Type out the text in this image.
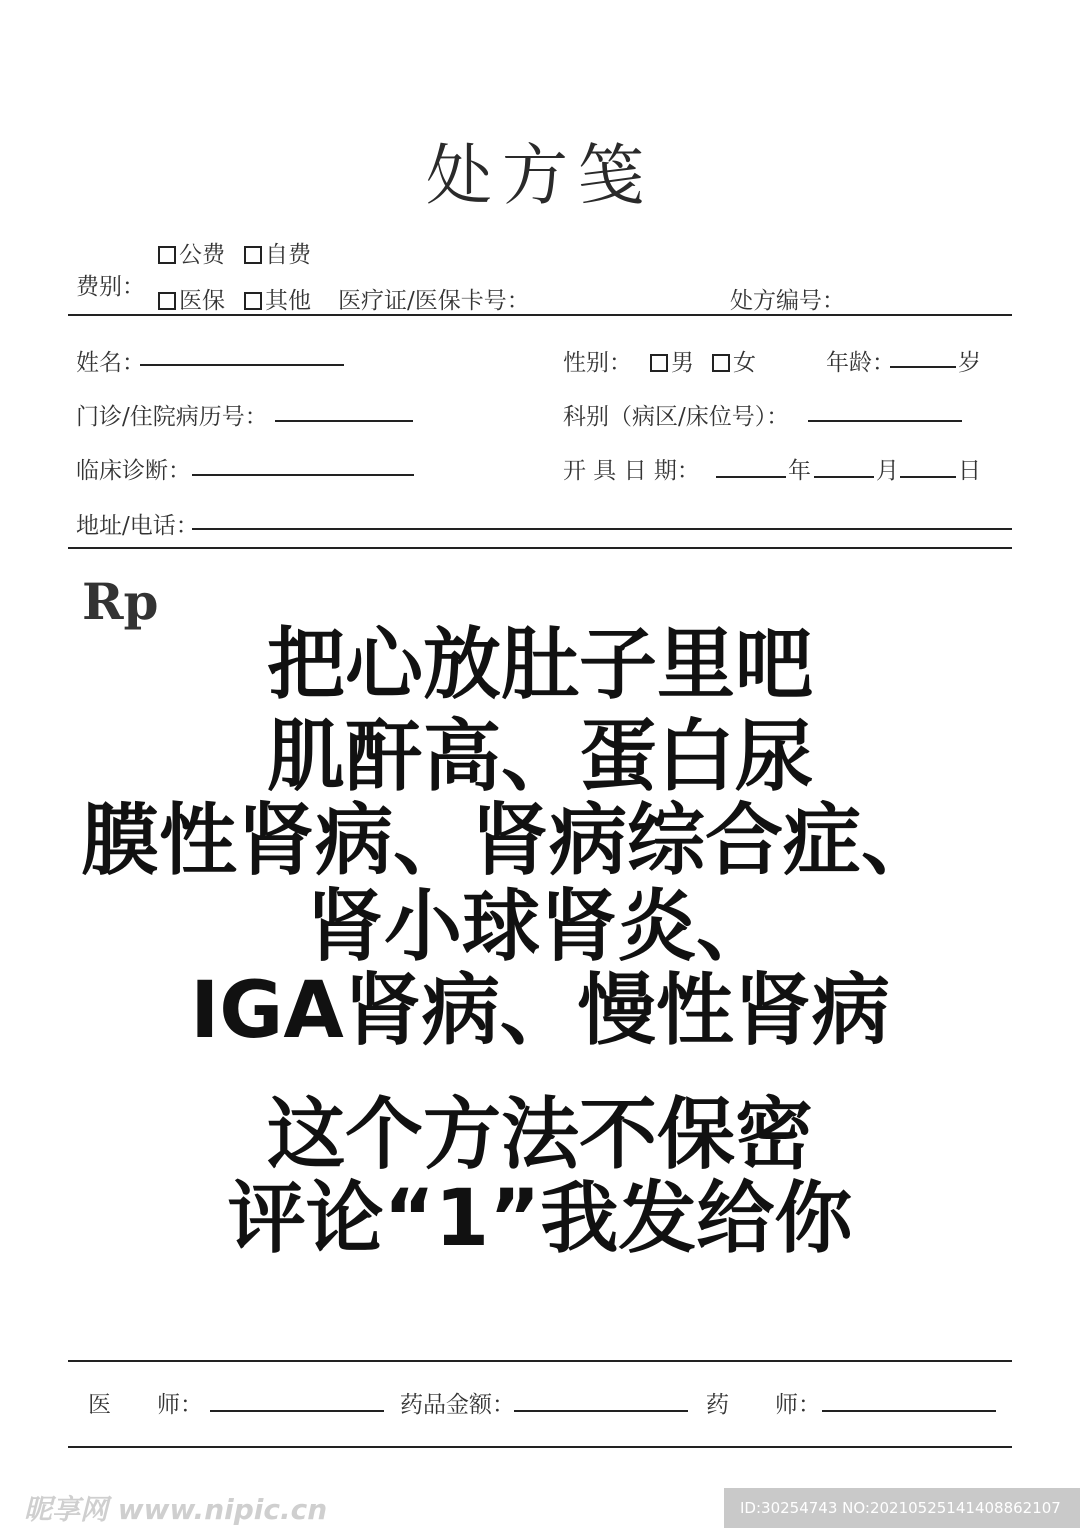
处方笺
费别：
公费	自费
医保	其他 医疗证/医保卡号：	处方编号：
姓名：	性别：	男	女	年龄：	岁
门诊/住院病历号：	科别（病区/床位号）：
临床诊断：	开 具 日 期：	年	月	日
地址/电话：
Rp
把心放肚子里吧
肌酐高、蛋白尿
膜性肾病、肾病综合症、
肾小球肾炎、
IGA肾病、慢性肾病
这个方法不保密
评论“1”我发给你
医　　师：	药品金额：	药　　师：
昵享网 www.nipic.cn	ID:30254743 NO:20210525141408862107
